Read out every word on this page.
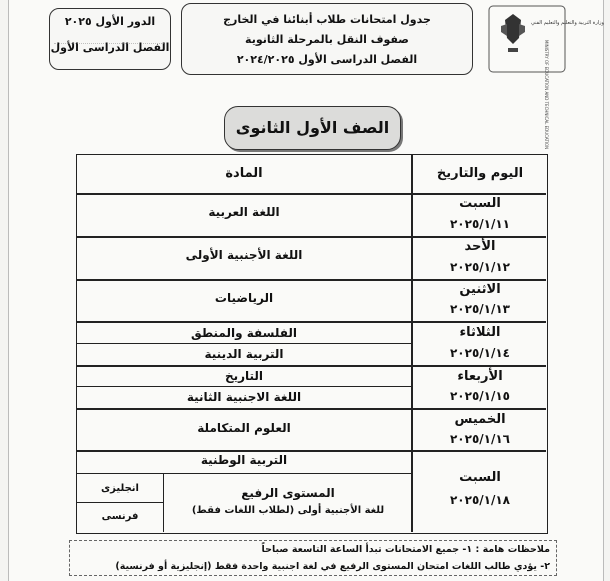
الدور الأول ٢٠٢٥
الفصل الدراسى الأول
جدول امتحانات طلاب أبنائنا في الخارج
صفوف النقل بالمرحلة الثانوية
الفصل الدراسى الأول ٢٠٢٤/٢٠٢٥	MINISTRY OF EDUCATION AND TECHNICAL EDUCATION
وزارة التربية والتعليم والتعليم الفني
الصف الأول الثانوى
اليوم والتاريخ
المادة
السبت
٢٠٢٥/١/١١
اللغة العربية
الأحد
٢٠٢٥/١/١٢
اللغة الأجنبية الأولى
الاثنين
٢٠٢٥/١/١٣
الرياضيات
الثلاثاء
٢٠٢٥/١/١٤
الفلسفة والمنطق
التربية الدينية
الأربعاء
٢٠٢٥/١/١٥
التاريخ
اللغة الاجنبية الثانية
الخميس
٢٠٢٥/١/١٦
العلوم المتكاملة
السبت
٢٠٢٥/١/١٨
التربية الوطنية
المستوى الرفيع
للغة الأجنبية أولى (لطلاب اللغات فقط)
انجليزى
فرنسى
ملاحظات هامة : ١- جميع الامتحانات تبدأ الساعة التاسعة صباحاً
٢- يؤدي طالب اللغات امتحان المستوى الرفيع في لغة اجنبية واحدة فقط (إنجليزية أو فرنسية)
